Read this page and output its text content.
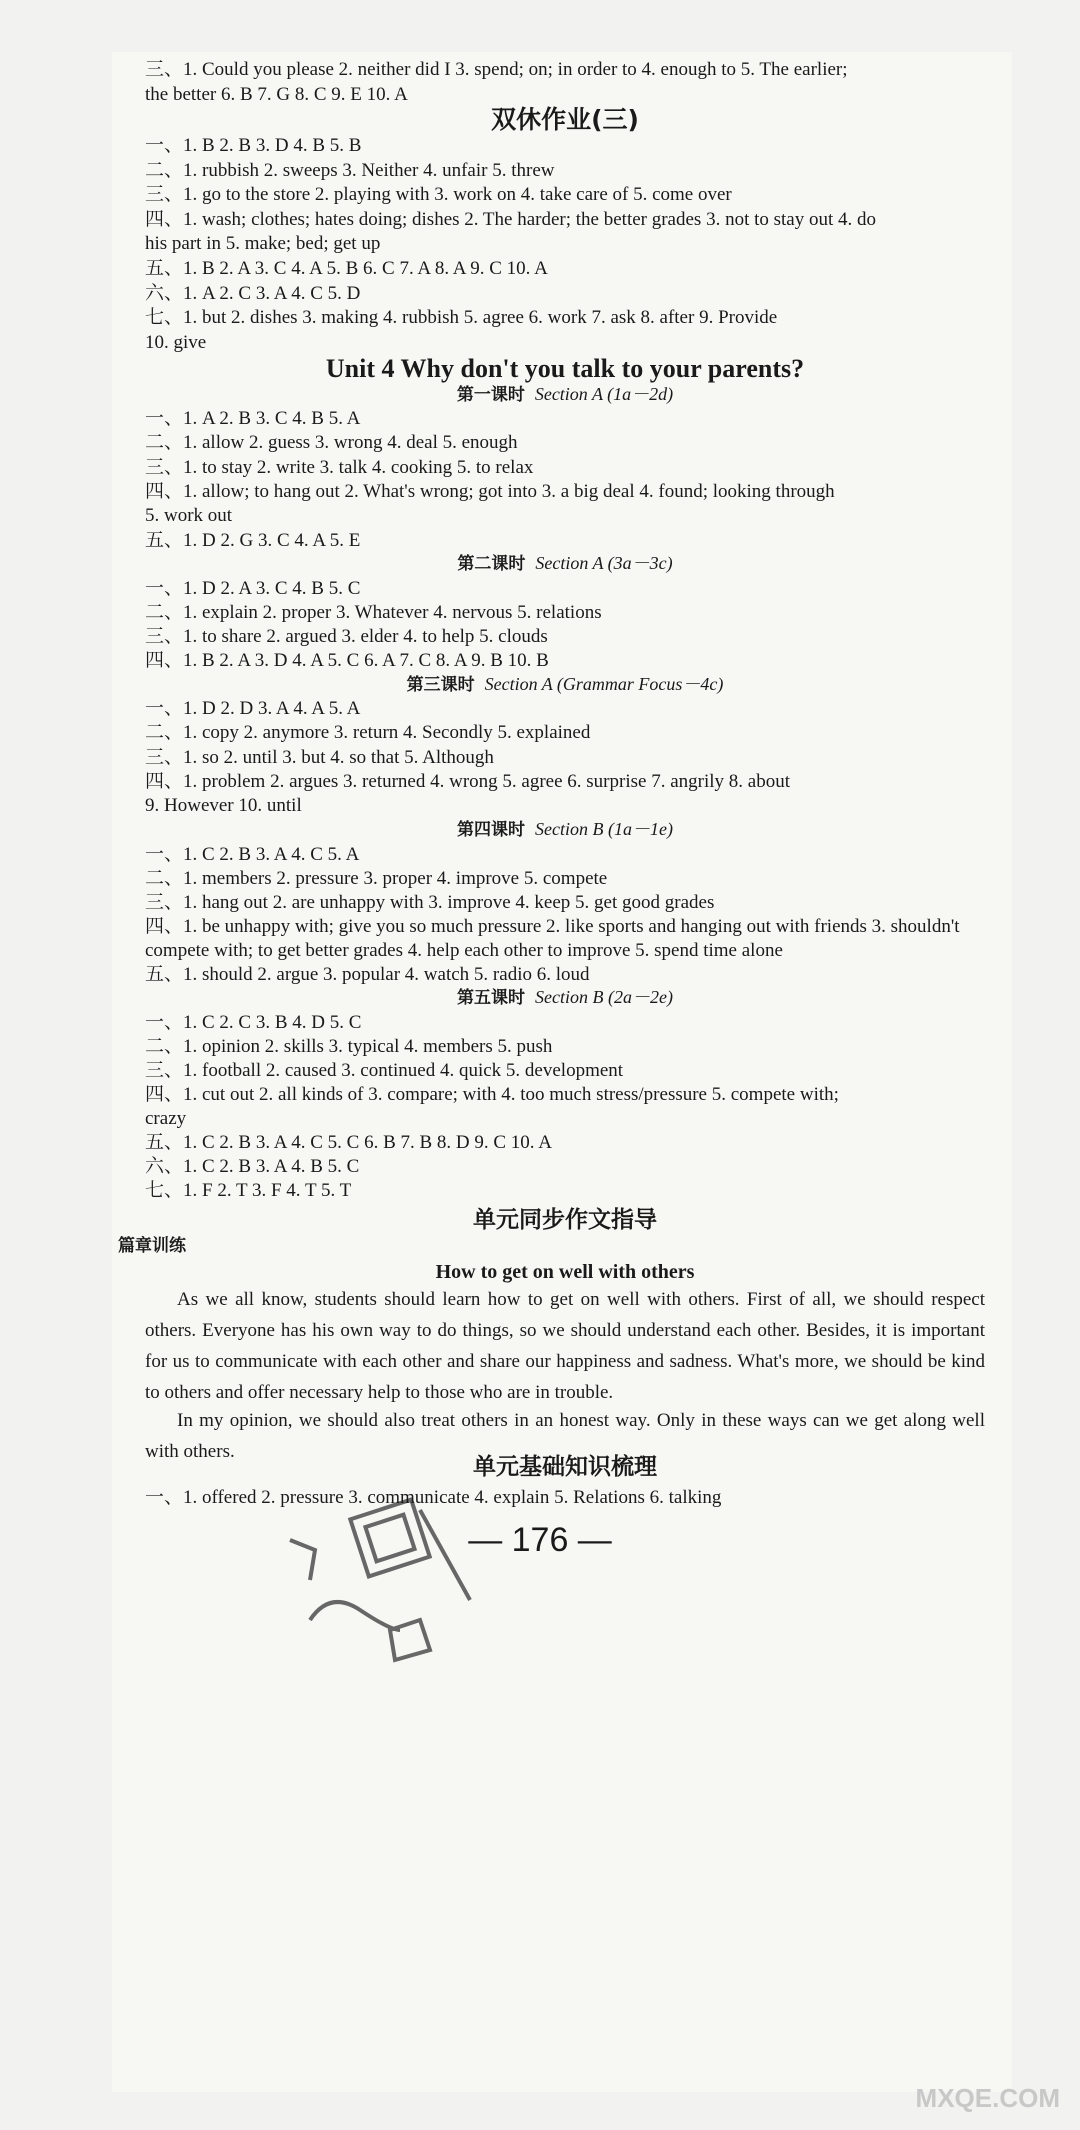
三、1. Could you please 2. neither did I 3. spend; on; in order to 4. enough to 5. The earlier;
the better 6. B 7. G 8. C 9. E 10. A
双休作业(三)
一、1. B 2. B 3. D 4. B 5. B
二、1. rubbish 2. sweeps 3. Neither 4. unfair 5. threw
三、1. go to the store 2. playing with 3. work on 4. take care of 5. come over
四、1. wash; clothes; hates doing; dishes 2. The harder; the better grades 3. not to stay out 4. do
his part in 5. make; bed; get up
五、1. B 2. A 3. C 4. A 5. B 6. C 7. A 8. A 9. C 10. A
六、1. A 2. C 3. A 4. C 5. D
七、1. but 2. dishes 3. making 4. rubbish 5. agree 6. work 7. ask 8. after 9. Provide
10. give
Unit 4 Why don't you talk to your parents?
第一课时 Section A (1a－2d)
一、1. A 2. B 3. C 4. B 5. A
二、1. allow 2. guess 3. wrong 4. deal 5. enough
三、1. to stay 2. write 3. talk 4. cooking 5. to relax
四、1. allow; to hang out 2. What's wrong; got into 3. a big deal 4. found; looking through
5. work out
五、1. D 2. G 3. C 4. A 5. E
第二课时 Section A (3a－3c)
一、1. D 2. A 3. C 4. B 5. C
二、1. explain 2. proper 3. Whatever 4. nervous 5. relations
三、1. to share 2. argued 3. elder 4. to help 5. clouds
四、1. B 2. A 3. D 4. A 5. C 6. A 7. C 8. A 9. B 10. B
第三课时 Section A (Grammar Focus－4c)
一、1. D 2. D 3. A 4. A 5. A
二、1. copy 2. anymore 3. return 4. Secondly 5. explained
三、1. so 2. until 3. but 4. so that 5. Although
四、1. problem 2. argues 3. returned 4. wrong 5. agree 6. surprise 7. angrily 8. about
9. However 10. until
第四课时 Section B (1a－1e)
一、1. C 2. B 3. A 4. C 5. A
二、1. members 2. pressure 3. proper 4. improve 5. compete
三、1. hang out 2. are unhappy with 3. improve 4. keep 5. get good grades
四、1. be unhappy with; give you so much pressure 2. like sports and hanging out with friends 3. shouldn't
compete with; to get better grades 4. help each other to improve 5. spend time alone
五、1. should 2. argue 3. popular 4. watch 5. radio 6. loud
第五课时 Section B (2a－2e)
一、1. C 2. C 3. B 4. D 5. C
二、1. opinion 2. skills 3. typical 4. members 5. push
三、1. football 2. caused 3. continued 4. quick 5. development
四、1. cut out 2. all kinds of 3. compare; with 4. too much stress/pressure 5. compete with;
crazy
五、1. C 2. B 3. A 4. C 5. C 6. B 7. B 8. D 9. C 10. A
六、1. C 2. B 3. A 4. B 5. C
七、1. F 2. T 3. F 4. T 5. T
单元同步作文指导
篇章训练
How to get on well with others
As we all know, students should learn how to get on well with others. First of all, we should respect others. Everyone has his own way to do things, so we should understand each other. Besides, it is important for us to communicate with each other and share our happiness and sadness. What's more, we should be kind to others and offer necessary help to those who are in trouble.
In my opinion, we should also treat others in an honest way. Only in these ways can we get along well with others.
单元基础知识梳理
一、1. offered 2. pressure 3. communicate 4. explain 5. Relations 6. talking
— 176 —
MXQE.COM
